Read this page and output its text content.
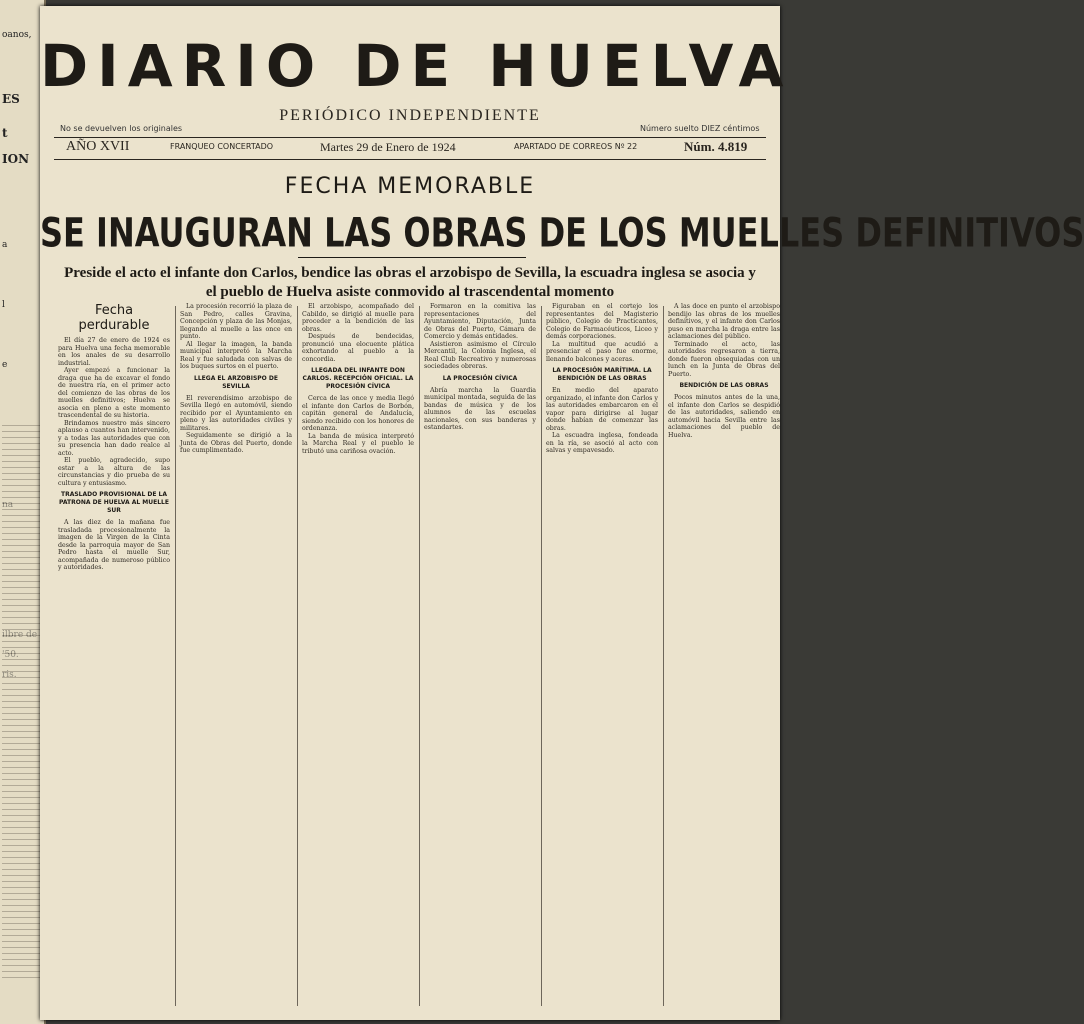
oanos,
ES
t
ION
a
l
e
DIARIO DE HUELVA
PERIÓDICO INDEPENDIENTE
No se devuelven los originales	Número suelto DIEZ céntimos
AÑO XVII	FRANQUEO CONCERTADO	Martes 29 de Enero de 1924	APARTADO DE CORREOS Nº 22	Núm. 4.819
FECHA MEMORABLE
SE INAUGURAN LAS OBRAS DE LOS MUELLES DEFINITIVOS
Preside el acto el infante don Carlos, bendice las obras el arzobispo de Sevilla, la escuadra inglesa se asocia y el pueblo de Huelva asiste conmovido al trascendental momento
Fecha perdurable

El día 27 de enero de 1924 es para Huelva una fecha memorable en los anales de su desarrollo industrial.

Ayer empezó a funcionar la draga que ha de excavar el fondo de nuestra ría, en el primer acto del comienzo de las obras de los muelles definitivos; Huelva se asocia en pleno a este momento trascendental de su historia.

Brindamos nuestro más sincero aplauso a cuantos han intervenido, y a todas las autoridades que con su presencia han dado realce al acto.

El pueblo, agradecido, supo estar a la altura de las circunstancias y dio prueba de su cultura y entusiasmo.

TRASLADO PROVISIONAL DE LA PATRONA DE HUELVA AL MUELLE SUR

A las diez de la mañana fue trasladada procesionalmente la imagen de la Virgen de la Cinta desde la parroquia mayor de San Pedro hasta el muelle Sur, acompañada de numeroso público y autoridades.

La procesión recorrió la plaza de San Pedro, calles Gravina, Concepción y plaza de las Monjas, llegando al muelle a las once en punto.

Al llegar la imagen, la banda municipal interpretó la Marcha Real y fue saludada con salvas de los buques surtos en el puerto.

LLEGA EL ARZOBISPO DE SEVILLA

El reverendísimo arzobispo de Sevilla llegó en automóvil, siendo recibido por el Ayuntamiento en pleno y las autoridades civiles y militares.

Seguidamente se dirigió a la Junta de Obras del Puerto, donde fue cumplimentado.

El arzobispo, acompañado del Cabildo, se dirigió al muelle para proceder a la bendición de las obras.

Después de bendecidas, pronunció una elocuente plática exhortando al pueblo a la concordia.

LLEGADA DEL INFANTE DON CARLOS. RECEPCIÓN OFICIAL. LA PROCESIÓN CÍVICA

Cerca de las once y media llegó el infante don Carlos de Borbón, capitán general de Andalucía, siendo recibido con los honores de ordenanza.

La banda de música interpretó la Marcha Real y el pueblo le tributó una cariñosa ovación.

Formaron en la comitiva las representaciones del Ayuntamiento, Diputación, Junta de Obras del Puerto, Cámara de Comercio y demás entidades.

Asistieron asimismo el Círculo Mercantil, la Colonia Inglesa, el Real Club Recreativo y numerosas sociedades obreras.

LA PROCESIÓN CÍVICA

Abría marcha la Guardia municipal montada, seguida de las bandas de música y de los alumnos de las escuelas nacionales, con sus banderas y estandartes.

Figuraban en el cortejo los representantes del Magisterio público, Colegio de Practicantes, Colegio de Farmacéuticos, Liceo y demás corporaciones.

La multitud que acudió a presenciar el paso fue enorme, llenando balcones y aceras.

LA PROCESIÓN MARÍTIMA. LA BENDICIÓN DE LAS OBRAS

En medio del aparato organizado, el infante don Carlos y las autoridades embarcaron en el vapor para dirigirse al lugar donde habían de comenzar las obras.

La escuadra inglesa, fondeada en la ría, se asoció al acto con salvas y empavesado.

A las doce en punto el arzobispo bendijo las obras de los muelles definitivos, y el infante don Carlos puso en marcha la draga entre las aclamaciones del público.

Terminado el acto, las autoridades regresaron a tierra, donde fueron obsequiadas con un lunch en la Junta de Obras del Puerto.

BENDICIÓN DE LAS OBRAS

Pocos minutos antes de la una, el infante don Carlos se despidió de las autoridades, saliendo en automóvil hacia Sevilla entre las aclamaciones del pueblo de Huelva.
